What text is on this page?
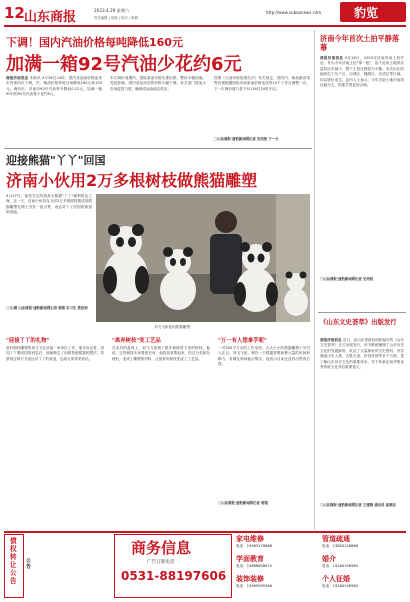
12 山东商报	2023.4.29 星期六
责任编辑 | 组版 | 校对 | 审稿
http://www.subaonews.com	豹览
下调！国内汽油价格每吨降低160元
加满一箱92号汽油少花约6元
商报济南消息 本报讯 4月28日24时，国内成品油价格迎来年内第四次下调，汽、柴油价格每吨分别降低160元和155元。调价后，济南市92号汽油每升降低0.12元，加满一箱50升的92号汽油将少花约6元。
本次调价周期内，国际原油价格先涨后跌，整体小幅回落。受此影响，国内成品油零售价格小幅下调，有关部门将加大市场监管力度，确保成品油稳定供应。
按照《石油价格管理办法》有关规定，国内汽、柴油最高零售价格根据国际市场原油价格变化每10个工作日调整一次。下一次调价窗口将于5月16日24时开启。
□山东商报·速豹新闻网记者 史尚恒 于一方
济南今年首次土拍平静落幕
商报济南消息 4月28日，2023年济南首场土拍开启，作为今年济南土拍"第一枪"，由于此前土地供应量较往年减少，整个土拍过程较为平静。本次出让的地块位于历下区、历城区、槐荫区、长清区等区域，均以底价成交。业内人士表示，今年济南土地市场将以稳为主，供地节奏更加合理。
□山东商报·速豹新闻网记者 史尚恒
迎接熊猫"丫丫"回国
济南小伙用2万多根树枝做熊猫雕塑
4月27日，备受关注的旅美大熊猫"丫丫"顺利抵达上海。这一天，济南小伙刘克飞用2万多根树枝做成的熊猫雕塑在网上引发一波点赞，表达对丫丫回国的欢迎和祝福。
□文/图 山东商报·速豹新闻网记者 郭翔 实习生 聂佳怡
刘飞飞和他的熊猫雕塑
"迎接丫丫的礼物"	"离弃树枝"变工艺品	"万一有人想拿孚呢"
爱好树枝雕塑的刘飞飞在济南一家单位工作，他告诉记者，得知丫丫要回国的消息后，他就萌生了用树枝做熊猫的想法，希望用这种方式表达对丫丫的欢迎，也给大家带来快乐。
在本村的盘珠上，刘飞飞找到了很多被修剪下来的树枝。他说，这些树枝本来要被丢弃，他将其收集起来，经过分类和处理后，变成了雕塑的材料，让废弃的树枝变成了工艺品。
一对300平方米的工作室里，大大小小的熊猫雕塑十分引人注目。刘飞飞说，制作一只熊猫需要耗费大量的时间和精力，有网友询问能否购买，他表示目前还没有出售的打算。
□山东商报·速豹新闻网记者 郭翔
《山东文史荟萃》出版发行
商报济南消息 近日，由山东省政协组织编写的《山东文史荟萃》正式出版发行。该书系统梳理了山东历史文化的发展脉络，收录了大量珍贵的文史资料，内容涵盖历史人物、名胜古迹、民俗风情等多个方面，是了解山东历史文化的重要读本，对于传承弘扬齐鲁优秀传统文化具有重要意义。
□山东商报·速豹新闻网记者 王建锋 通讯员 高晓东
债权转让公告
公告
商务信息
广告订版电话
0531-88197606
家电维修
电话：15963176868
学面教育
电话：15866658675
装饰装修
电话：13969055346
管道疏通
电话：13853128866
婚介
电话：15264106580
个人征婚
电话：15264106580
